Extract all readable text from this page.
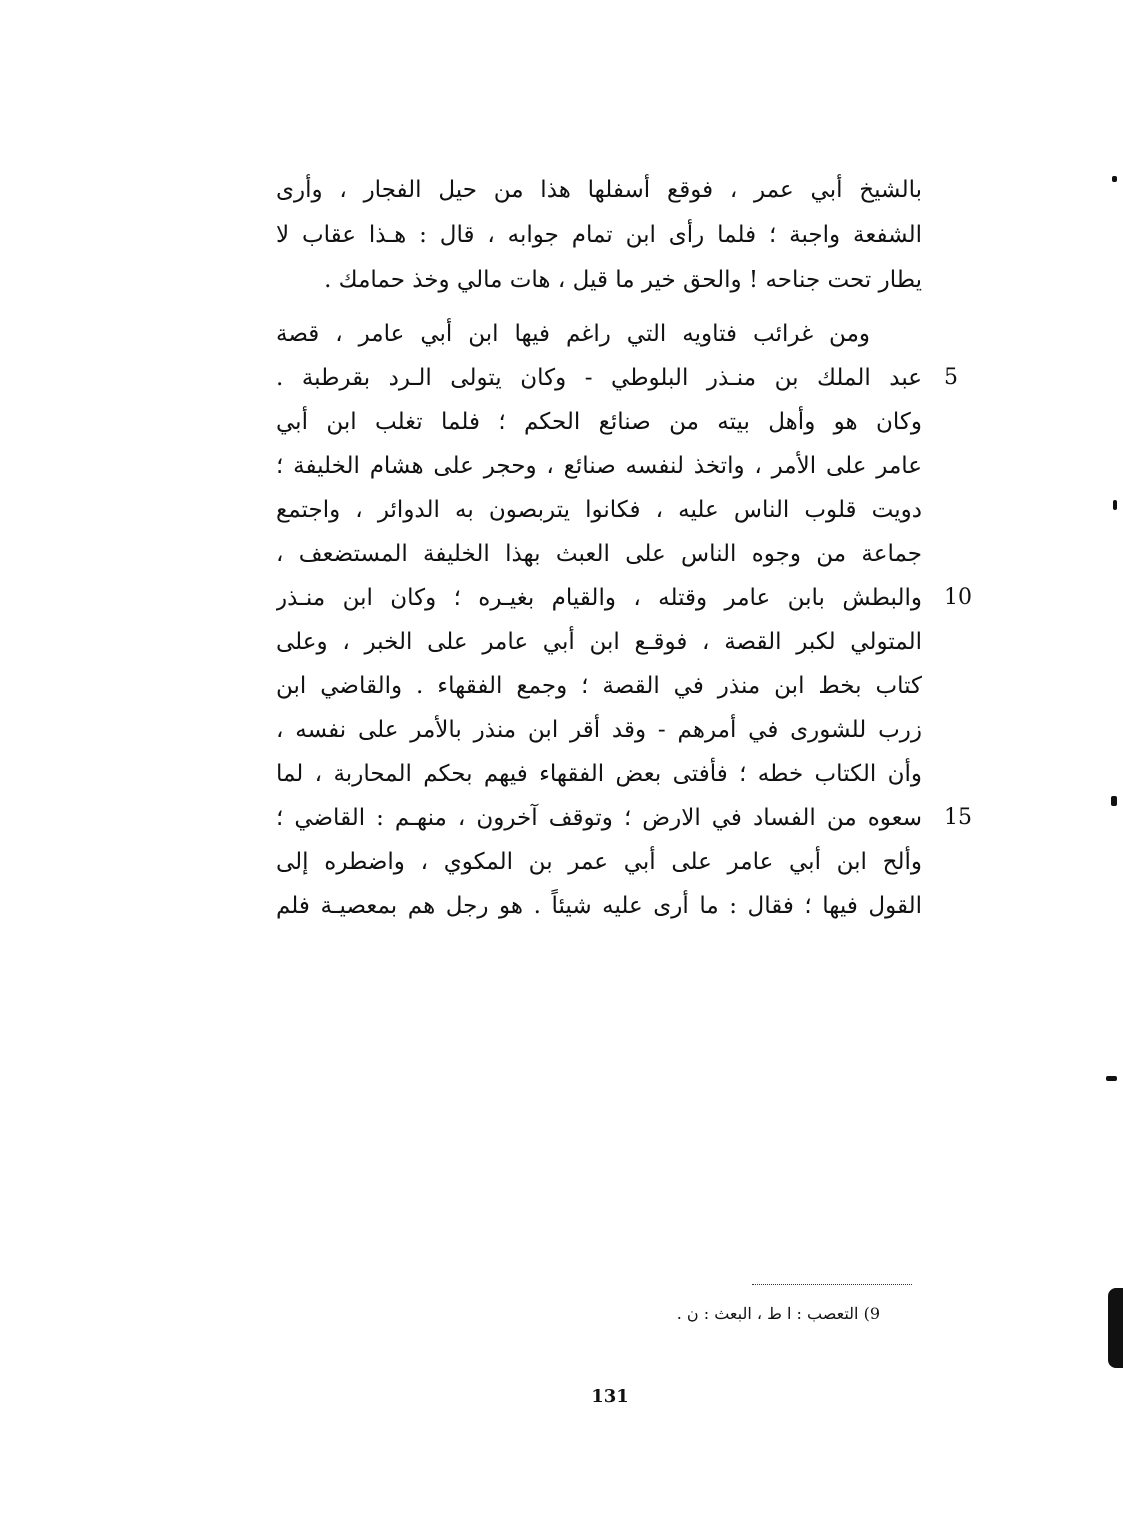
بالشيخ أبي عمر ، فوقع أسفلها هذا من حيل الفجار ، وأرى
الشفعة واجبة ؛ فلما رأى ابن تمام جوابه ، قال : هـذا عقاب لا
يطار تحت جناحه ! والحق خير ما قيل ، هات مالي وخذ حمامك .
ومن غرائب فتاويه التي راغم فيها ابن أبي عامر ، قصة
عبد الملك بن منـذر البلوطي - وكان يتولى الـرد بقرطبة .
وكان هو وأهل بيته من صنائع الحكم ؛ فلما تغلب ابن أبي
عامر على الأمر ، واتخذ لنفسه صنائع ، وحجر على هشام الخليفة ؛
دويت قلوب الناس عليه ، فكانوا يتربصون به الدوائر ، واجتمع
جماعة من وجوه الناس على العبث بهذا الخليفة المستضعف ،
والبطش بابن عامر وقتله ، والقيام بغيـره ؛ وكان ابن منـذر
المتولي لكبر القصة ، فوقـع ابن أبي عامر على الخبر ، وعلى
كتاب بخط ابن منذر في القصة ؛ وجمع الفقهاء . والقاضي ابن
زرب للشورى في أمرهم - وقد أقر ابن منذر بالأمر على نفسه ،
وأن الكتاب خطه ؛ فأفتى بعض الفقهاء فيهم بحكم المحاربة ، لما
سعوه من الفساد في الارض ؛ وتوقف آخرون ، منهـم : القاضي ؛
وألح ابن أبي عامر على أبي عمر بن المكوي ، واضطره إلى
القول فيها ؛ فقال : ما أرى عليه شيئاً . هو رجل هم بمعصيـة فلم
5
10
15
9) التعصب : ا ط ، البعث : ن .
131
